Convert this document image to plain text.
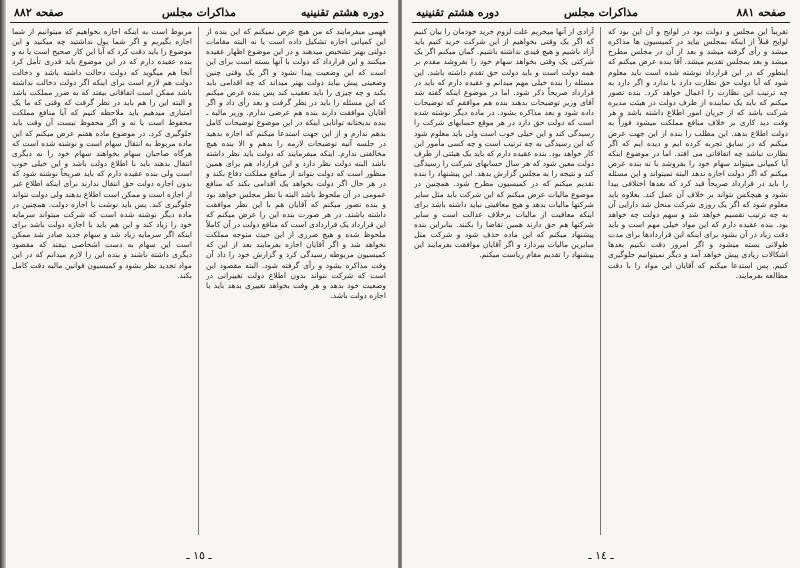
صفحه ۸۸۲	مذاکرات مجلس	دوره هشتم تقنینیه

فهمی میفرمایند که من هیچ عرض نمیکنم که این بنده از این کمپانی اجازه تشکیل داده است یا نه البته مقامات دولتی بهتر تشخیص میدهند و در این موضوع اظهار عقیده میکنند و این قرارداد که دولت با آنها بسته است برای این است که این وضعیت پیدا نشود و اگر یک وقتی چنین وضعیتی پیش بیاید دولت بهتر میداند که چه اقدامی باید بکند و چه چیزی را باید تعقیب کند پس بنده عرض میکنم که این مسئله را باید در نظر گرفت و بعد رأی داد و اگر آقایان موافقت دارند بنده هم عرضی ندارم. وزیر مالیه ـ بنده بدبختانه توانایی اینکه در این موضوع توضیحات کامل بدهم ندارم و از این جهت استدعا میکنم که اجازه بدهید در جلسه آتیه توضیحات لازمه را بدهم و الا بنده هیچ مخالفتی ندارم. اینکه میفرمایند که دولت باید نظر داشته باشد البته دولت نظر دارد و این قرارداد هم برای همین منظور است که دولت بتواند از منافع مملکت دفاع بکند و در هر حال اگر دولت بخواهد یک اقدامی بکند که منافع عمومی در آن ملحوظ باشد البته با نظر مجلس خواهد بود و بنده تصور میکنم که آقایان هم با این نظر موافقت داشته باشند. در هر صورت بنده این را عرض میکنم که این قرارداد یک قراردادی است که منافع دولت در آن کاملاً ملحوظ شده و هیچ ضرری از این حیث متوجه مملکت نخواهد شد و اگر آقایان اجازه بفرمایند بعد از این که کمیسیون مربوطه رسیدگی کرد و گزارش خود را داد آن وقت مذاکره بشود و رأی گرفته شود. البته مقصود این است که شرکت نتواند بدون اطلاع دولت تغییراتی در وضعیت خود بدهد و هر وقت بخواهد تغییری بدهد باید با اجازه دولت باشد.

مربوط است به اینکه اجازه بخواهیم که میتوانیم از شما اجازه بگیریم و اگر شما پول نداشتید چه میکنید و این موضوع را باید دقت کرد که آیا این کار صحیح است یا نه و بنده عقیده دارم که در این موضوع باید قدری تأمل کرد آنجا هم میگوید که دولت دخالت داشته باشد و دخالت دولت هم لازم است برای اینکه اگر دولت دخالت نداشته باشد ممکن است اتفاقاتی بیفتد که به ضرر مملکت باشد و البته این را هم باید در نظر گرفت که وقتی که ما یک امتیازی میدهیم باید ملاحظه کنیم که آیا منافع مملکت محفوظ است یا نه و اگر محفوظ نیست آن وقت باید جلوگیری کرد. در موضوع ماده هفتم عرض میکنم که این ماده مربوط به انتقال سهام است و نوشته شده است که هرگاه صاحبان سهام بخواهند سهام خود را به دیگری انتقال بدهند باید با اطلاع دولت باشد و این خیلی خوب است ولی بنده عقیده دارم که باید صریحاً نوشته شود که بدون اجازه دولت حق انتقال ندارند برای اینکه اطلاع غیر از اجازه است و ممکن است اطلاع بدهند ولی دولت نتواند جلوگیری کند. پس باید نوشت با اجازه دولت. همچنین در ماده دیگر نوشته شده است که شرکت میتواند سرمایه خود را زیاد کند و این هم باید با اجازه دولت باشد برای اینکه اگر سرمایه زیاد شد و سهام جدید صادر شد ممکن است این سهام به دست اشخاصی بیفتد که مقصود دیگری داشته باشند و بنده این را لازم میدانم که در این مواد تجدید نظر بشود و کمیسیون قوانین مالیه دقت کامل بکند.

ـ ١٥ ـ
دوره هشتم تقنینیه	مذاکرات مجلس	صفحه ۸۸۱

تقریباً این مجلس و دولت بود در لوایح و آن این بود که لوایح قبلاً از اینکه بمجلس بیاید در کمیسیون ها مذاکره میشد و رأی گرفته میشد و بعد از آن در مجلس مطرح میشد و بعد بمجلس تقدیم میشد. آقا بنده عرض میکنم که اینطور که در این قرارداد نوشته شده است باید معلوم شود که آیا دولت حق نظارت دارد یا ندارد و اگر دارد به چه ترتیب این نظارت را اعمال خواهد کرد. بنده تصور میکنم که باید یک نماینده از طرف دولت در هیئت مدیره شرکت باشد که از جریان امور اطلاع داشته باشد و هر وقت دید کاری بر خلاف منافع مملکت میشود فوراً به دولت اطلاع بدهد. این مطلب را بنده از این جهت عرض میکنم که در سابق تجربه کرده ایم و دیده ایم که اگر نظارت نباشد چه اتفاقاتی می افتد. اما در موضوع اینکه آیا کمپانی میتواند سهام خود را بفروشد یا نه بنده عرض میکنم که اگر دولت اجازه ندهد البته نمیتواند و این مسئله را باید در قرارداد صریحاً قید کرد که بعدها اختلافی پیدا نشود و هیچکس نتواند بر خلاف آن عمل کند. بعلاوه باید معلوم شود که اگر یک روزی شرکت منحل شد دارایی آن به چه ترتیب تقسیم خواهد شد و سهم دولت چه خواهد بود. بنده عقیده دارم که این مواد خیلی مهم است و باید دقت زیاد در آن بشود برای اینکه این قراردادها برای مدت طولانی بسته میشود و اگر امروز دقت نکنیم بعدها اشکالات زیادی پیش خواهد آمد و دیگر نمیتوانیم جلوگیری کنیم. پس استدعا میکنم که آقایان این مواد را با دقت مطالعه بفرمایند.

آزادی از آنها میخریم علت لزوم خرید خودمان را بیان کنیم که اگر یک وقتی بخواهیم از این شرکت خرید کنیم باید آزاد باشیم و هیچ قیدی نداشته باشیم. گمان میکنم اگر یک شرکتی یک وقتی بخواهد سهام خود را بفروشد مقدم بر همه دولت است و باید دولت حق تقدم داشته باشد. این مسئله را بنده خیلی مهم میدانم و عقیده دارم که باید در قرارداد صریحاً ذکر شود. اما در موضوع اینکه گفته شد آقای وزیر توضیحات بدهند بنده هم موافقم که توضیحات داده شود و بعد مذاکره بشود. در ماده دیگر نوشته شده است که دولت حق دارد در هر موقع حسابهای شرکت را رسیدگی کند و این خیلی خوب است ولی باید معلوم شود که این رسیدگی به چه ترتیب است و چه کسی مأمور این کار خواهد بود. بنده عقیده دارم که باید یک هیئتی از طرف دولت معین شود که هر سال حسابهای شرکت را رسیدگی کند و نتیجه را به مجلس گزارش بدهد. این پیشنهاد را بنده تقدیم میکنم که در کمیسیون مطرح شود. همچنین در موضوع مالیات عرض میکنم که این شرکت باید مثل سایر شرکتها مالیات بدهد و هیچ معافیتی نباید داشته باشد برای اینکه معافیت از مالیات برخلاف عدالت است و سایر شرکتها هم حق دارند همین تقاضا را بکنند. بنابراین بنده پیشنهاد میکنم که این ماده حذف شود و شرکت مثل سایرین مالیات بپردازد و اگر آقایان موافقت بفرمایند این پیشنهاد را تقدیم مقام ریاست میکنم.

ـ ١٤ ـ
